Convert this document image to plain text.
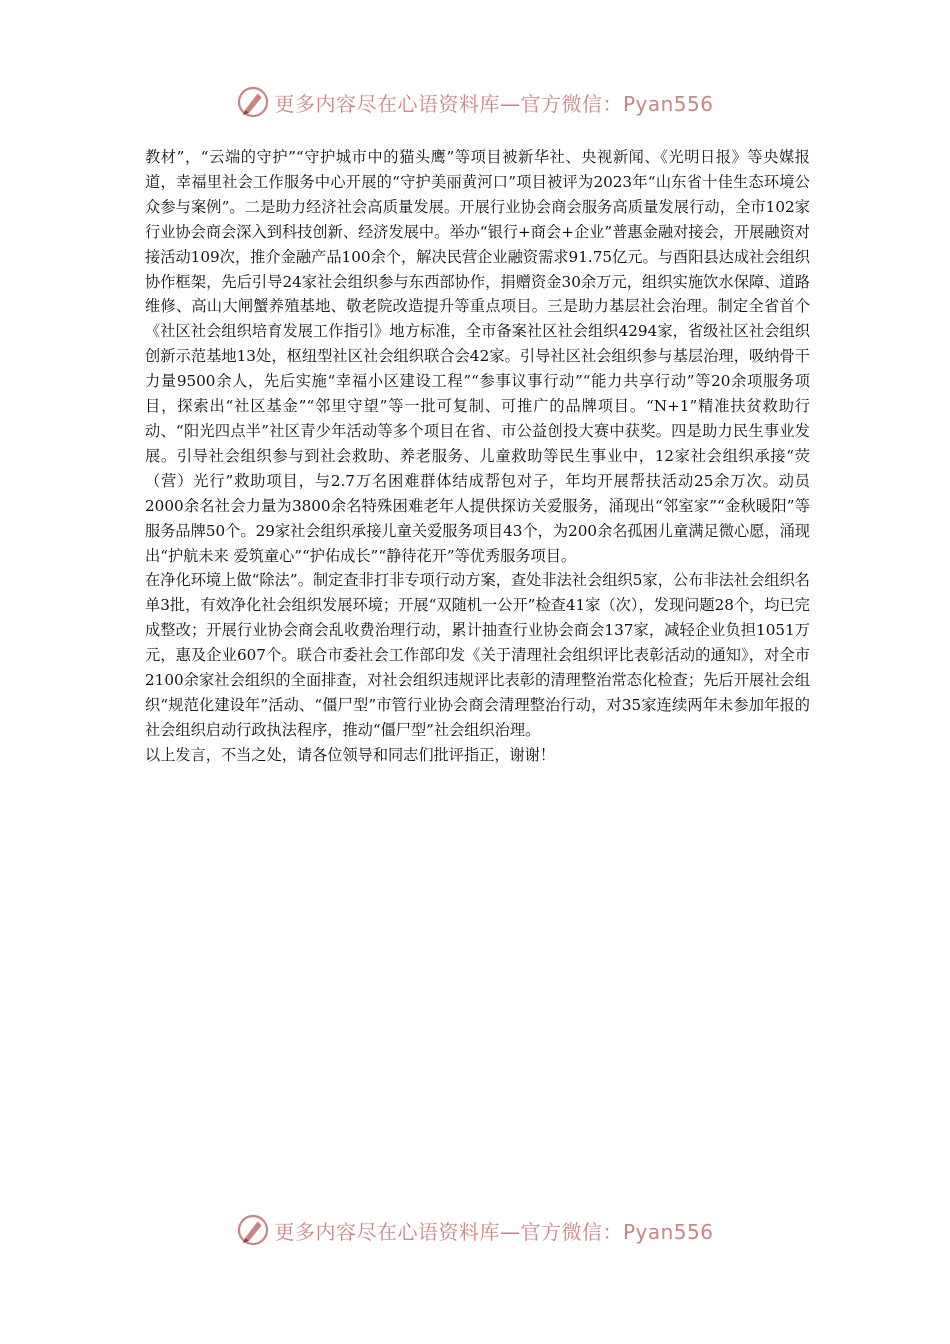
更多内容尽在心语资料库—官方微信：Pyan556

教材”，“云端的守护”“守护城市中的猫头鹰”等项目被新华社、央视新闻、《光明日报》等央媒报道，幸福里社会工作服务中心开展的“守护美丽黄河口”项目被评为2023年“山东省十佳生态环境公众参与案例”。二是助力经济社会高质量发展。开展行业协会商会服务高质量发展行动，全市102家行业协会商会深入到科技创新、经济发展中。举办“银行+商会+企业”普惠金融对接会，开展融资对接活动109次，推介金融产品100余个，解决民营企业融资需求91.75亿元。与酉阳县达成社会组织协作框架，先后引导24家社会组织参与东西部协作，捐赠资金30余万元，组织实施饮水保障、道路维修、高山大闸蟹养殖基地、敬老院改造提升等重点项目。三是助力基层社会治理。制定全省首个《社区社会组织培育发展工作指引》地方标准，全市备案社区社会组织4294家，省级社区社会组织创新示范基地13处，枢纽型社区社会组织联合会42家。引导社区社会组织参与基层治理，吸纳骨干力量9500余人，先后实施“幸福小区建设工程”“参事议事行动”“能力共享行动”等20余项服务项目，探索出“社区基金”“邻里守望”等一批可复制、可推广的品牌项目。“N+1”精准扶贫救助行动、“阳光四点半”社区青少年活动等多个项目在省、市公益创投大赛中获奖。四是助力民生事业发展。引导社会组织参与到社会救助、养老服务、儿童救助等民生事业中，12家社会组织承接“荧（营）光行”救助项目，与2.7万名困难群体结成帮包对子，年均开展帮扶活动25余万次。动员2000余名社会力量为3800余名特殊困难老年人提供探访关爱服务，涌现出“邻室家”“金秋暖阳”等服务品牌50个。29家社会组织承接儿童关爱服务项目43个，为200余名孤困儿童满足微心愿，涌现出“护航未来 爱筑童心”“护佑成长”“静待花开”等优秀服务项目。

在净化环境上做“除法”。制定查非打非专项行动方案，查处非法社会组织5家，公布非法社会组织名单3批，有效净化社会组织发展环境；开展“双随机一公开”检查41家（次），发现问题28个，均已完成整改；开展行业协会商会乱收费治理行动，累计抽查行业协会商会137家，减轻企业负担1051万元，惠及企业607个。联合市委社会工作部印发《关于清理社会组织评比表彰活动的通知》，对全市2100余家社会组织的全面排查，对社会组织违规评比表彰的清理整治常态化检查；先后开展社会组织“规范化建设年”活动、“僵尸型”市管行业协会商会清理整治行动，对35家连续两年未参加年报的社会组织启动行政执法程序，推动“僵尸型”社会组织治理。

以上发言，不当之处，请各位领导和同志们批评指正，谢谢！

更多内容尽在心语资料库—官方微信：Pyan556
